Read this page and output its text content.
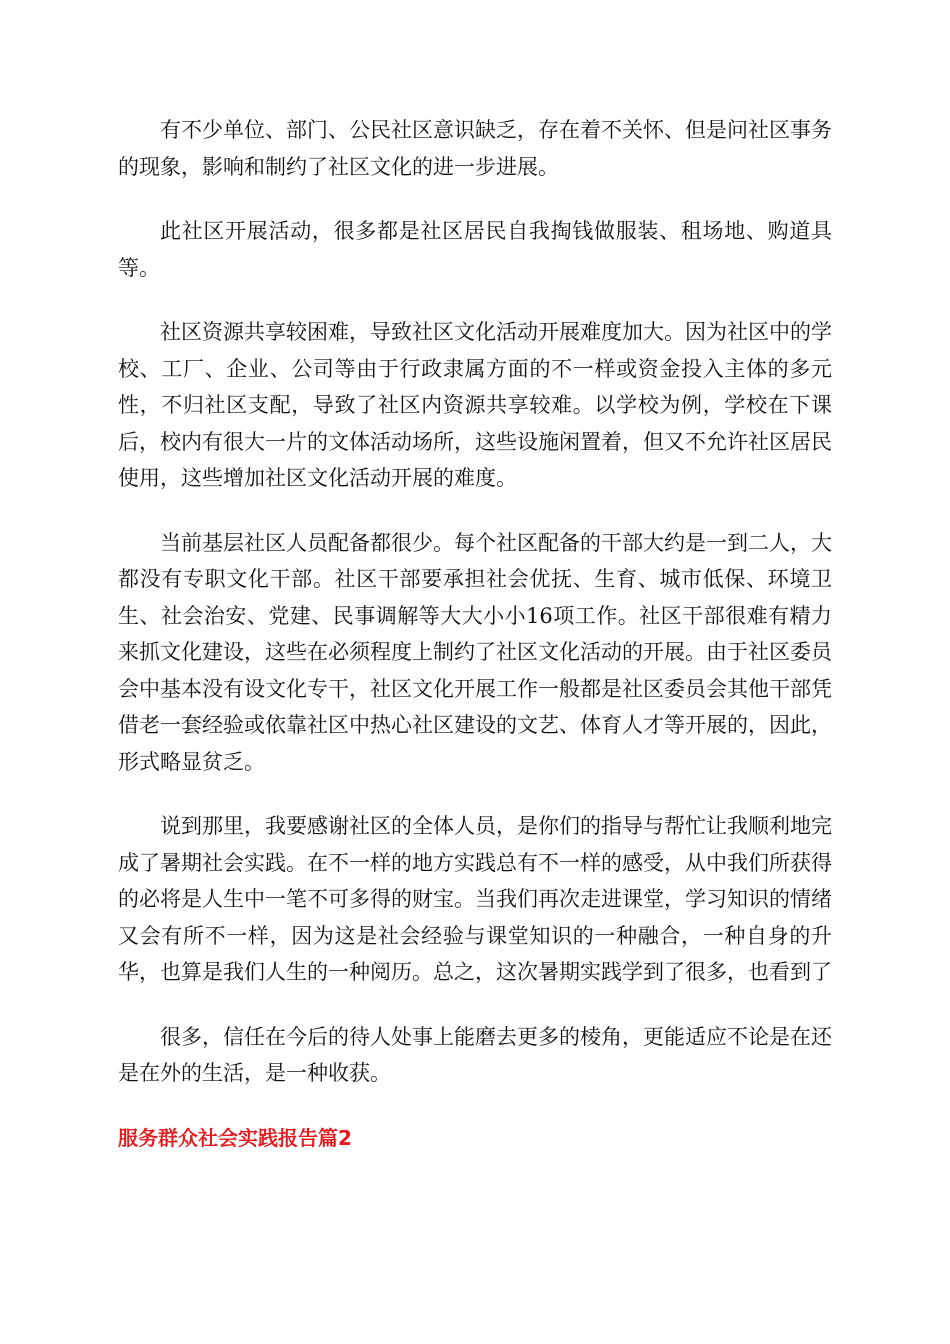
有不少单位、部门、公民社区意识缺乏，存在着不关怀、但是问社区事务的现象，影响和制约了社区文化的进一步进展。

此社区开展活动，很多都是社区居民自我掏钱做服装、租场地、购道具等。

社区资源共享较困难，导致社区文化活动开展难度加大。因为社区中的学校、工厂、企业、公司等由于行政隶属方面的不一样或资金投入主体的多元性，不归社区支配，导致了社区内资源共享较难。以学校为例，学校在下课后，校内有很大一片的文体活动场所，这些设施闲置着，但又不允许社区居民使用，这些增加社区文化活动开展的难度。

当前基层社区人员配备都很少。每个社区配备的干部大约是一到二人，大都没有专职文化干部。社区干部要承担社会优抚、生育、城市低保、环境卫生、社会治安、党建、民事调解等大大小小16项工作。社区干部很难有精力来抓文化建设，这些在必须程度上制约了社区文化活动的开展。由于社区委员会中基本没有设文化专干，社区文化开展工作一般都是社区委员会其他干部凭借老一套经验或依靠社区中热心社区建设的文艺、体育人才等开展的，因此，形式略显贫乏。

说到那里，我要感谢社区的全体人员，是你们的指导与帮忙让我顺利地完成了暑期社会实践。在不一样的地方实践总有不一样的感受，从中我们所获得的必将是人生中一笔不可多得的财宝。当我们再次走进课堂，学习知识的情绪又会有所不一样，因为这是社会经验与课堂知识的一种融合，一种自身的升华，也算是我们人生的一种阅历。总之，这次暑期实践学到了很多，也看到了

很多，信任在今后的待人处事上能磨去更多的棱角，更能适应不论是在还是在外的生活，是一种收获。

服务群众社会实践报告篇2
